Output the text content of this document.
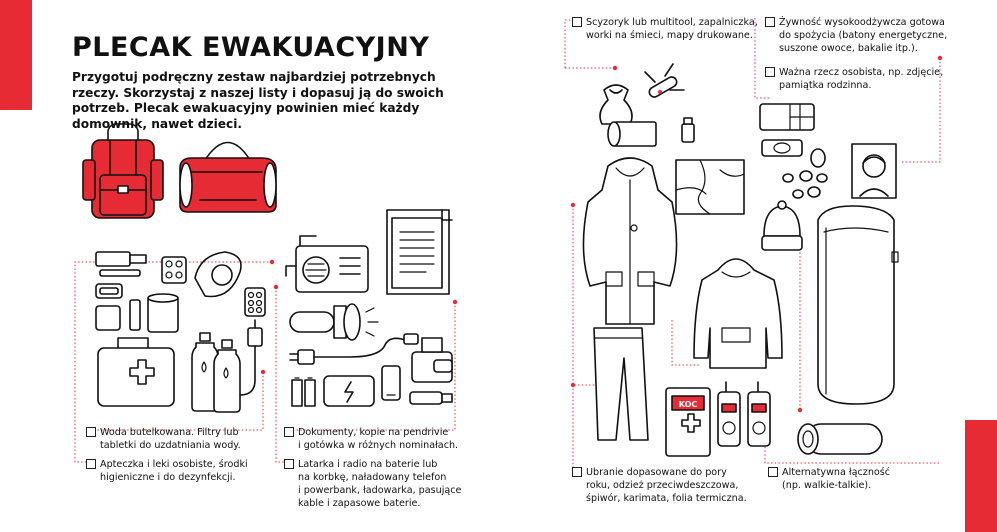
PLECAK EWAKUACYJNY

Przygotuj podręczny zestaw najbardziej potrzebnych rzeczy. Skorzystaj z naszej listy i dopasuj ją do swoich potrzeb. Plecak ewakuacyjny powinien mieć każdy domownik, nawet dzieci.

KOC
Woda butelkowana. Filtry lub
tabletki do uzdatniania wody.
Apteczka i leki osobiste, środki
higieniczne i do dezynfekcji.
Dokumenty, kopie na pendrivie
i gotówka w różnych nominałach.
Latarka i radio na baterie lub
na korbkę, naładowany telefon
i powerbank, ładowarka, pasujące
kable i zapasowe baterie.
Scyzoryk lub multitool, zapalniczka,
worki na śmieci, mapy drukowane.
Żywność wysokoodżywcza gotowa
do spożycia (batony energetyczne,
suszone owoce, bakalie itp.).
Ważna rzecz osobista, np. zdjęcie,
pamiątka rodzinna.
Ubranie dopasowane do pory
roku, odzież przeciwdeszczowa,
śpiwór, karimata, folia termiczna.
Alternatywna łączność
(np. walkie-talkie).
